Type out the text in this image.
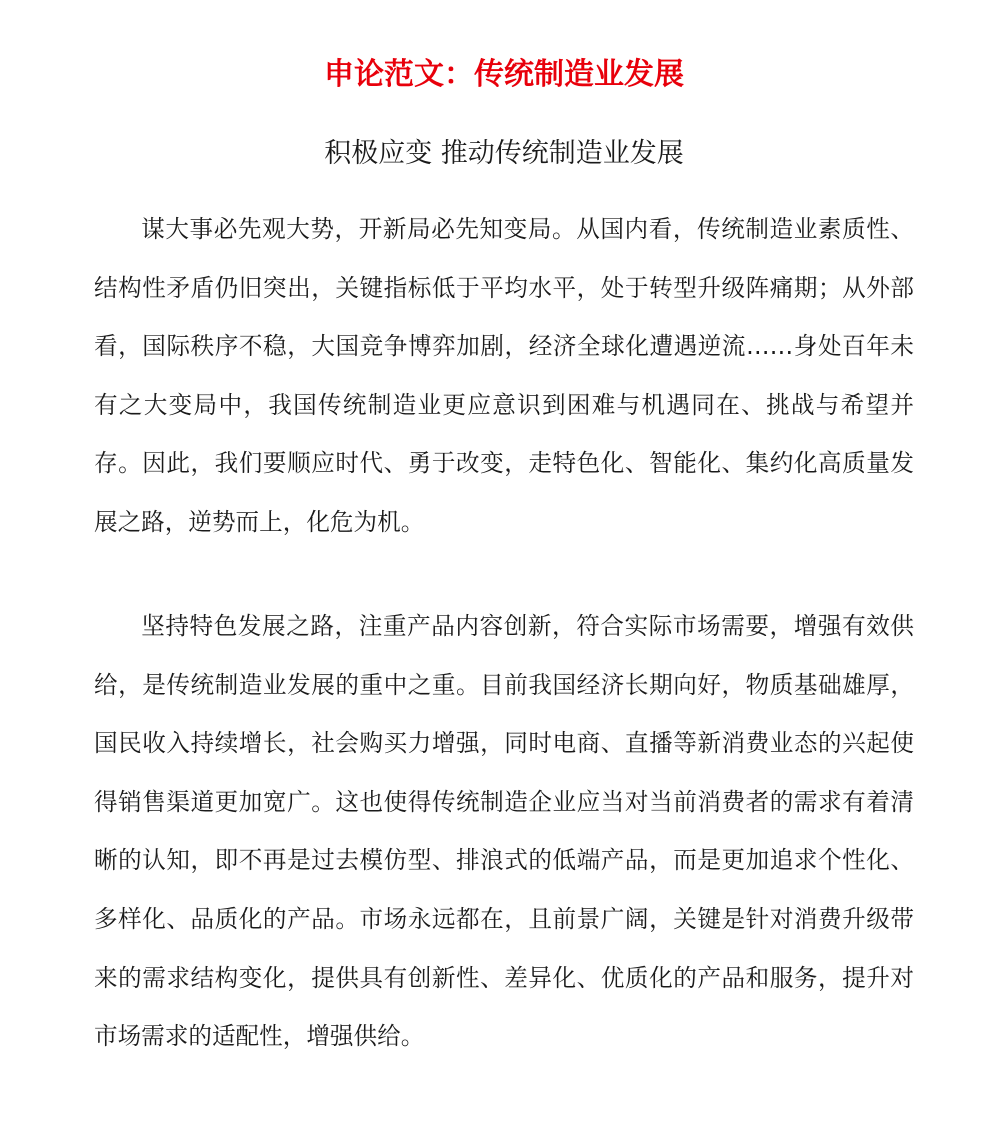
申论范文：传统制造业发展
积极应变 推动传统制造业发展

谋大事必先观大势，开新局必先知变局。从国内看，传统制造业素质性、结构性矛盾仍旧突出，关键指标低于平均水平，处于转型升级阵痛期；从外部看，国际秩序不稳，大国竞争博弈加剧，经济全球化遭遇逆流……身处百年未有之大变局中，我国传统制造业更应意识到困难与机遇同在、挑战与希望并存。因此，我们要顺应时代、勇于改变，走特色化、智能化、集约化高质量发展之路，逆势而上，化危为机。

坚持特色发展之路，注重产品内容创新，符合实际市场需要，增强有效供给，是传统制造业发展的重中之重。目前我国经济长期向好，物质基础雄厚，国民收入持续增长，社会购买力增强，同时电商、直播等新消费业态的兴起使得销售渠道更加宽广。这也使得传统制造企业应当对当前消费者的需求有着清晰的认知，即不再是过去模仿型、排浪式的低端产品，而是更加追求个性化、多样化、品质化的产品。市场永远都在，且前景广阔，关键是针对消费升级带来的需求结构变化，提供具有创新性、差异化、优质化的产品和服务，提升对市场需求的适配性，增强供给。
